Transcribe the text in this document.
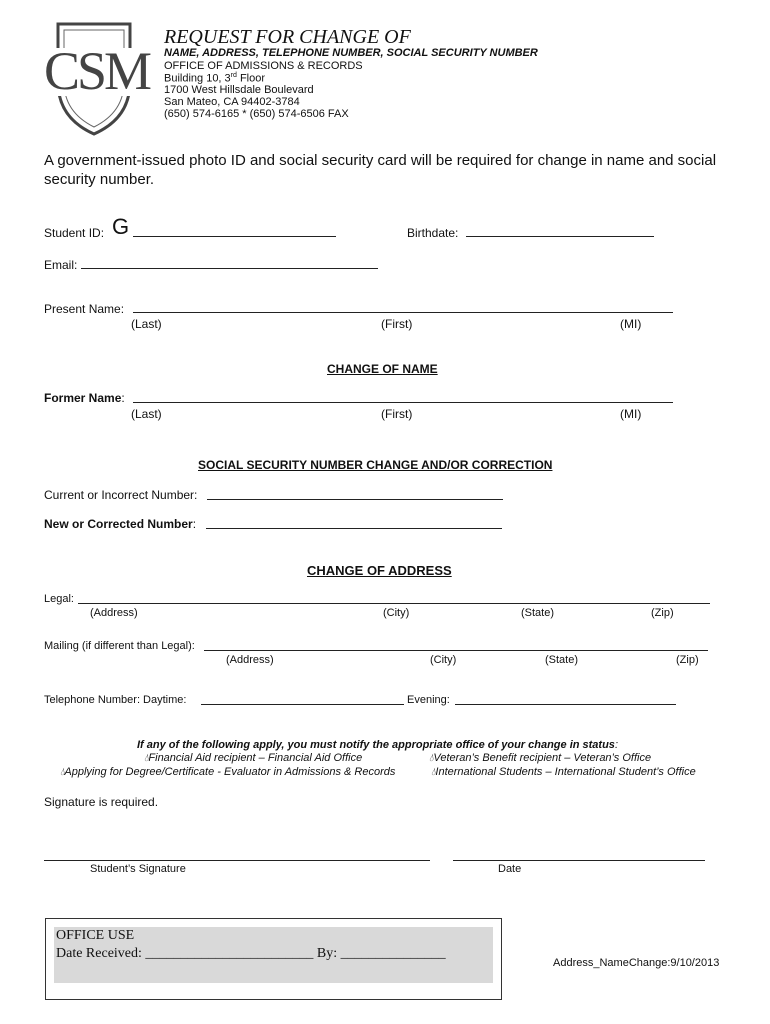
CSM
REQUEST FOR CHANGE OF
NAME, ADDRESS, TELEPHONE NUMBER, SOCIAL SECURITY NUMBER
OFFICE OF ADMISSIONS & RECORDS
Building 10, 3rd Floor
1700 West Hillsdale Boulevard
San Mateo, CA 94402-3784
(650) 574-6165 * (650) 574-6506 FAX
A government-issued photo ID and social security card will be required for change in name and social security number.
Student ID: G	Birthdate:
Email:
Present Name:
(Last)	(First)	(MI)
CHANGE OF NAME
Former Name:
(Last)	(First)	(MI)
SOCIAL SECURITY NUMBER CHANGE AND/OR CORRECTION
Current or Incorrect Number:
New or Corrected Number:
CHANGE OF ADDRESS
Legal:
(Address)	(City)	(State)	(Zip)
Mailing (if different than Legal):
(Address)	(City)	(State)	(Zip)
Telephone Number: Daytime:	Evening:
If any of the following apply, you must notify the appropriate office of your change in status:
💧︎Financial Aid recipient – Financial Aid Office	💧︎Veteran’s Benefit recipient – Veteran’s Office
💧︎Applying for Degree/Certificate - Evaluator in Admissions & Records	💧︎International Students – International Student’s Office
Signature is required.
Student’s Signature	Date
OFFICE USE
Date Received: ________________________ By: _______________
Address_NameChange:9/10/2013
